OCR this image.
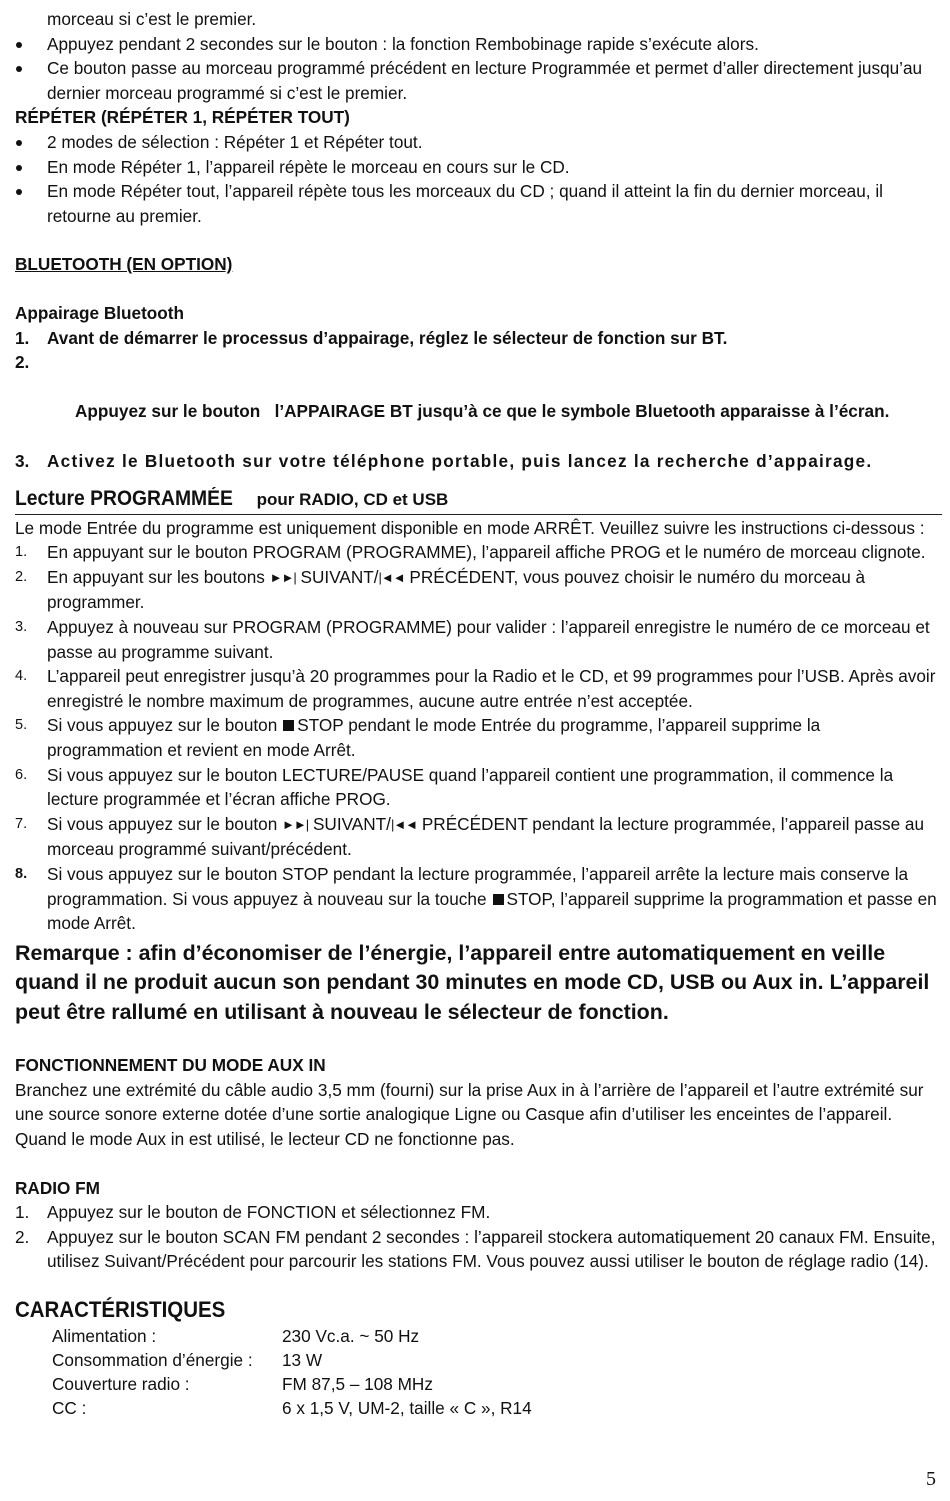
morceau si c’est le premier.
Appuyez pendant 2 secondes sur le bouton : la fonction Rembobinage rapide s’exécute alors.
Ce bouton passe au morceau programmé précédent en lecture Programmée et permet d’aller directement jusqu’au dernier morceau programmé si c’est le premier.
RÉPÉTER (RÉPÉTER 1, RÉPÉTER TOUT)
2 modes de sélection : Répéter 1 et Répéter tout.
En mode Répéter 1, l’appareil répète le morceau en cours sur le CD.
En mode Répéter tout, l’appareil répète tous les morceaux du CD ; quand il atteint la fin du dernier morceau, il retourne au premier.
BLUETOOTH (EN OPTION)
Appairage Bluetooth
1.	Avant de démarrer le processus d’appairage, réglez le sélecteur de fonction sur BT.

2.

Appuyez sur le bouton   l’APPAIRAGE BT jusqu’à ce que le symbole Bluetooth apparaisse à l’écran.

3.	Activez le Bluetooth sur votre téléphone portable, puis lancez la recherche d’appairage.
Lecture PROGRAMMÉE pour RADIO, CD et USB
Le mode Entrée du programme est uniquement disponible en mode ARRÊT. Veuillez suivre les instructions ci-dessous :
1. En appuyant sur le bouton PROGRAM (PROGRAMME), l’appareil affiche PROG et le numéro de morceau clignote.
2. En appuyant sur les boutons ►►| SUIVANT/|◄◄ PRÉCÉDENT, vous pouvez choisir le numéro du morceau à programmer.
3. Appuyez à nouveau sur PROGRAM (PROGRAMME) pour valider : l’appareil enregistre le numéro de ce morceau et passe au programme suivant.
4. L’appareil peut enregistrer jusqu’à 20 programmes pour la Radio et le CD, et 99 programmes pour l’USB. Après avoir enregistré le nombre maximum de programmes, aucune autre entrée n’est acceptée.
5. Si vous appuyez sur le bouton STOP pendant le mode Entrée du programme, l’appareil supprime la programmation et revient en mode Arrêt.
6. Si vous appuyez sur le bouton LECTURE/PAUSE quand l’appareil contient une programmation, il commence la lecture programmée et l’écran affiche PROG.
7. Si vous appuyez sur le bouton ►►| SUIVANT/|◄◄ PRÉCÉDENT pendant la lecture programmée, l’appareil passe au morceau programmé suivant/précédent.
8. Si vous appuyez sur le bouton STOP pendant la lecture programmée, l’appareil arrête la lecture mais conserve la programmation. Si vous appuyez à nouveau sur la touche STOP, l’appareil supprime la programmation et passe en mode Arrêt.
Remarque : afin d’économiser de l’énergie, l’appareil entre automatiquement en veille quand il ne produit aucun son pendant 30 minutes en mode CD, USB ou Aux in. L’appareil peut être rallumé en utilisant à nouveau le sélecteur de fonction.
FONCTIONNEMENT DU MODE AUX IN
Branchez une extrémité du câble audio 3,5 mm (fourni) sur la prise Aux in à l’arrière de l’appareil et l’autre extrémité sur une source sonore externe dotée d’une sortie analogique Ligne ou Casque afin d’utiliser les enceintes de l’appareil.
Quand le mode Aux in est utilisé, le lecteur CD ne fonctionne pas.
RADIO FM
1.	Appuyez sur le bouton de FONCTION et sélectionnez FM.
2.	Appuyez sur le bouton SCAN FM pendant 2 secondes : l’appareil stockera automatiquement 20 canaux FM. Ensuite, utilisez Suivant/Précédent pour parcourir les stations FM. Vous pouvez aussi utiliser le bouton de réglage radio (14).
CARACTÉRISTIQUES
Alimentation :	230 Vc.a. ~ 50 Hz
Consommation d’énergie : 13 W
Couverture radio :	FM 87,5 – 108 MHz
CC :	6 x 1,5 V, UM-2, taille « C », R14
5
